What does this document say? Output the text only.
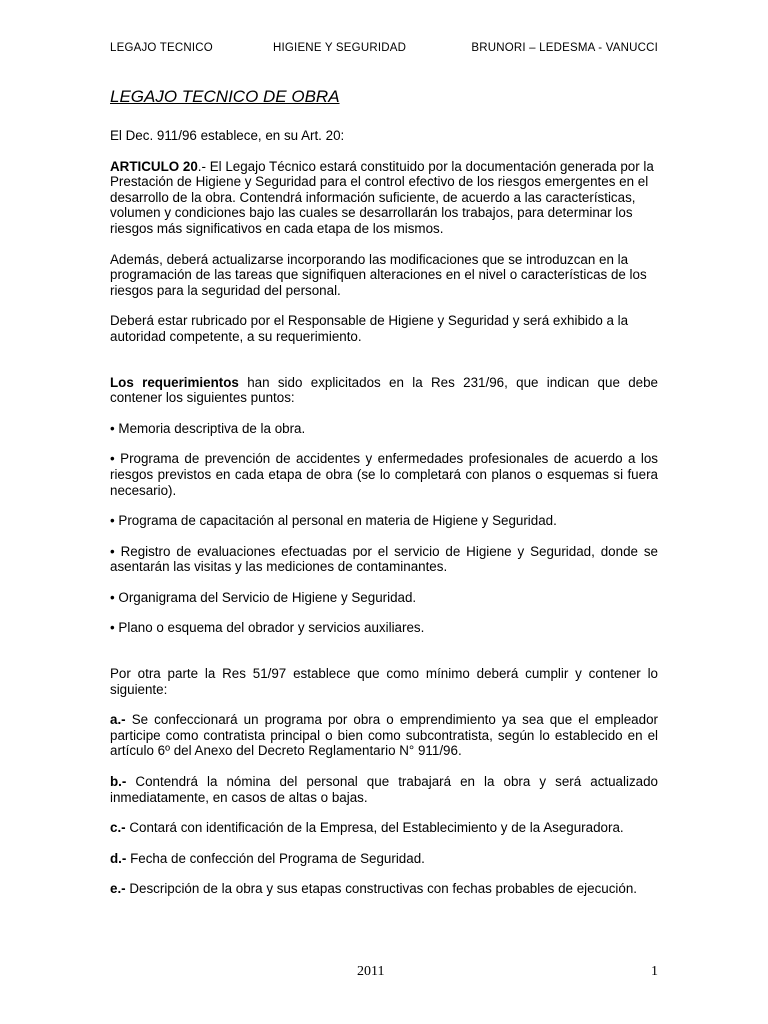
LEGAJO TECNICO	HIGIENE Y SEGURIDAD	BRUNORI – LEDESMA - VANUCCI
LEGAJO TECNICO DE OBRA

El Dec. 911/96 establece, en su Art. 20:

ARTICULO 20.- El Legajo Técnico estará constituido por la documentación generada por la Prestación de Higiene y Seguridad para el control efectivo de los riesgos emergentes en el desarrollo de la obra. Contendrá información suficiente, de acuerdo a las características, volumen y condiciones bajo las cuales se desarrollarán los trabajos, para determinar los riesgos más significativos en cada etapa de los mismos.

Además, deberá actualizarse incorporando las modificaciones que se introduzcan en la programación de las tareas que signifiquen alteraciones en el nivel o características de los riesgos para la seguridad del personal.

Deberá estar rubricado por el Responsable de Higiene y Seguridad y será exhibido a la autoridad competente, a su requerimiento.

Los requerimientos han sido explicitados en la Res 231/96, que indican que debe contener los siguientes puntos:

• Memoria descriptiva de la obra.

• Programa de prevención de accidentes y enfermedades profesionales de acuerdo a los riesgos previstos en cada etapa de obra (se lo completará con planos o esquemas si fuera necesario).

• Programa de capacitación al personal en materia de Higiene y Seguridad.

• Registro de evaluaciones efectuadas por el servicio de Higiene y Seguridad, donde se asentarán las visitas y las mediciones de contaminantes.

• Organigrama del Servicio de Higiene y Seguridad.

• Plano o esquema del obrador y servicios auxiliares.

Por otra parte la Res 51/97 establece que como mínimo deberá cumplir y contener lo siguiente:

a.- Se confeccionará un programa por obra o emprendimiento ya sea que el empleador participe como contratista principal o bien como subcontratista, según lo establecido en el artículo 6º del Anexo del Decreto Reglamentario N° 911/96.

b.- Contendrá la nómina del personal que trabajará en la obra y será actualizado inmediatamente, en casos de altas o bajas.

c.- Contará con identificación de la Empresa, del Establecimiento y de la Aseguradora.

d.- Fecha de confección del Programa de Seguridad.

e.- Descripción de la obra y sus etapas constructivas con fechas probables de ejecución.

2011	1
